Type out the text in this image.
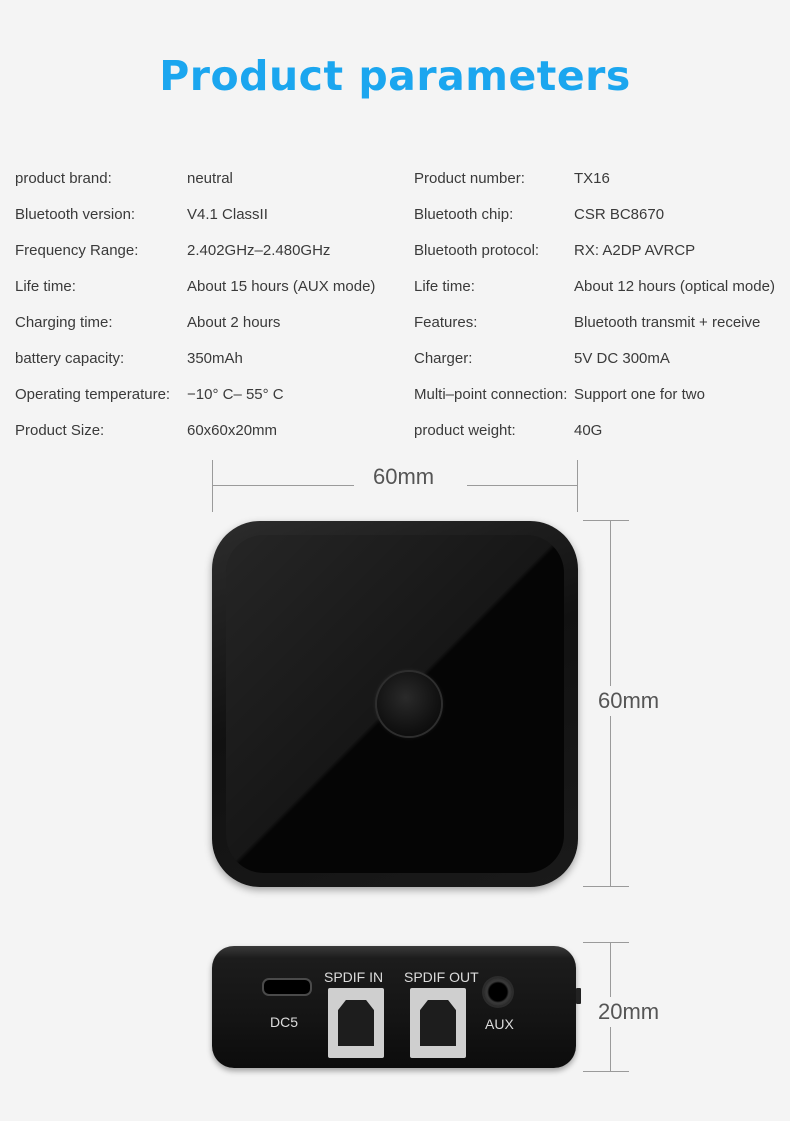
Product parameters
product brand:	neutral
Bluetooth version:	V4.1 ClassII
Frequency Range:	2.402GHz–2.480GHz
Life time:	About 15 hours (AUX mode)
Charging time:	About 2 hours
battery capacity:	350mAh
Operating temperature: −10° C– 55° C
Product Size:	60x60x20mm
Product number:	TX16
Bluetooth chip:	CSR BC8670
Bluetooth protocol: RX: A2DP AVRCP
Life time:	About 12 hours (optical mode)
Features:	Bluetooth transmit + receive
Charger:	5V DC 300mA
Multi–point connection: Support one for two
product weight:	40G
60mm
60mm
20mm
DC5
SPDIF IN SPDIF OUT
AUX
